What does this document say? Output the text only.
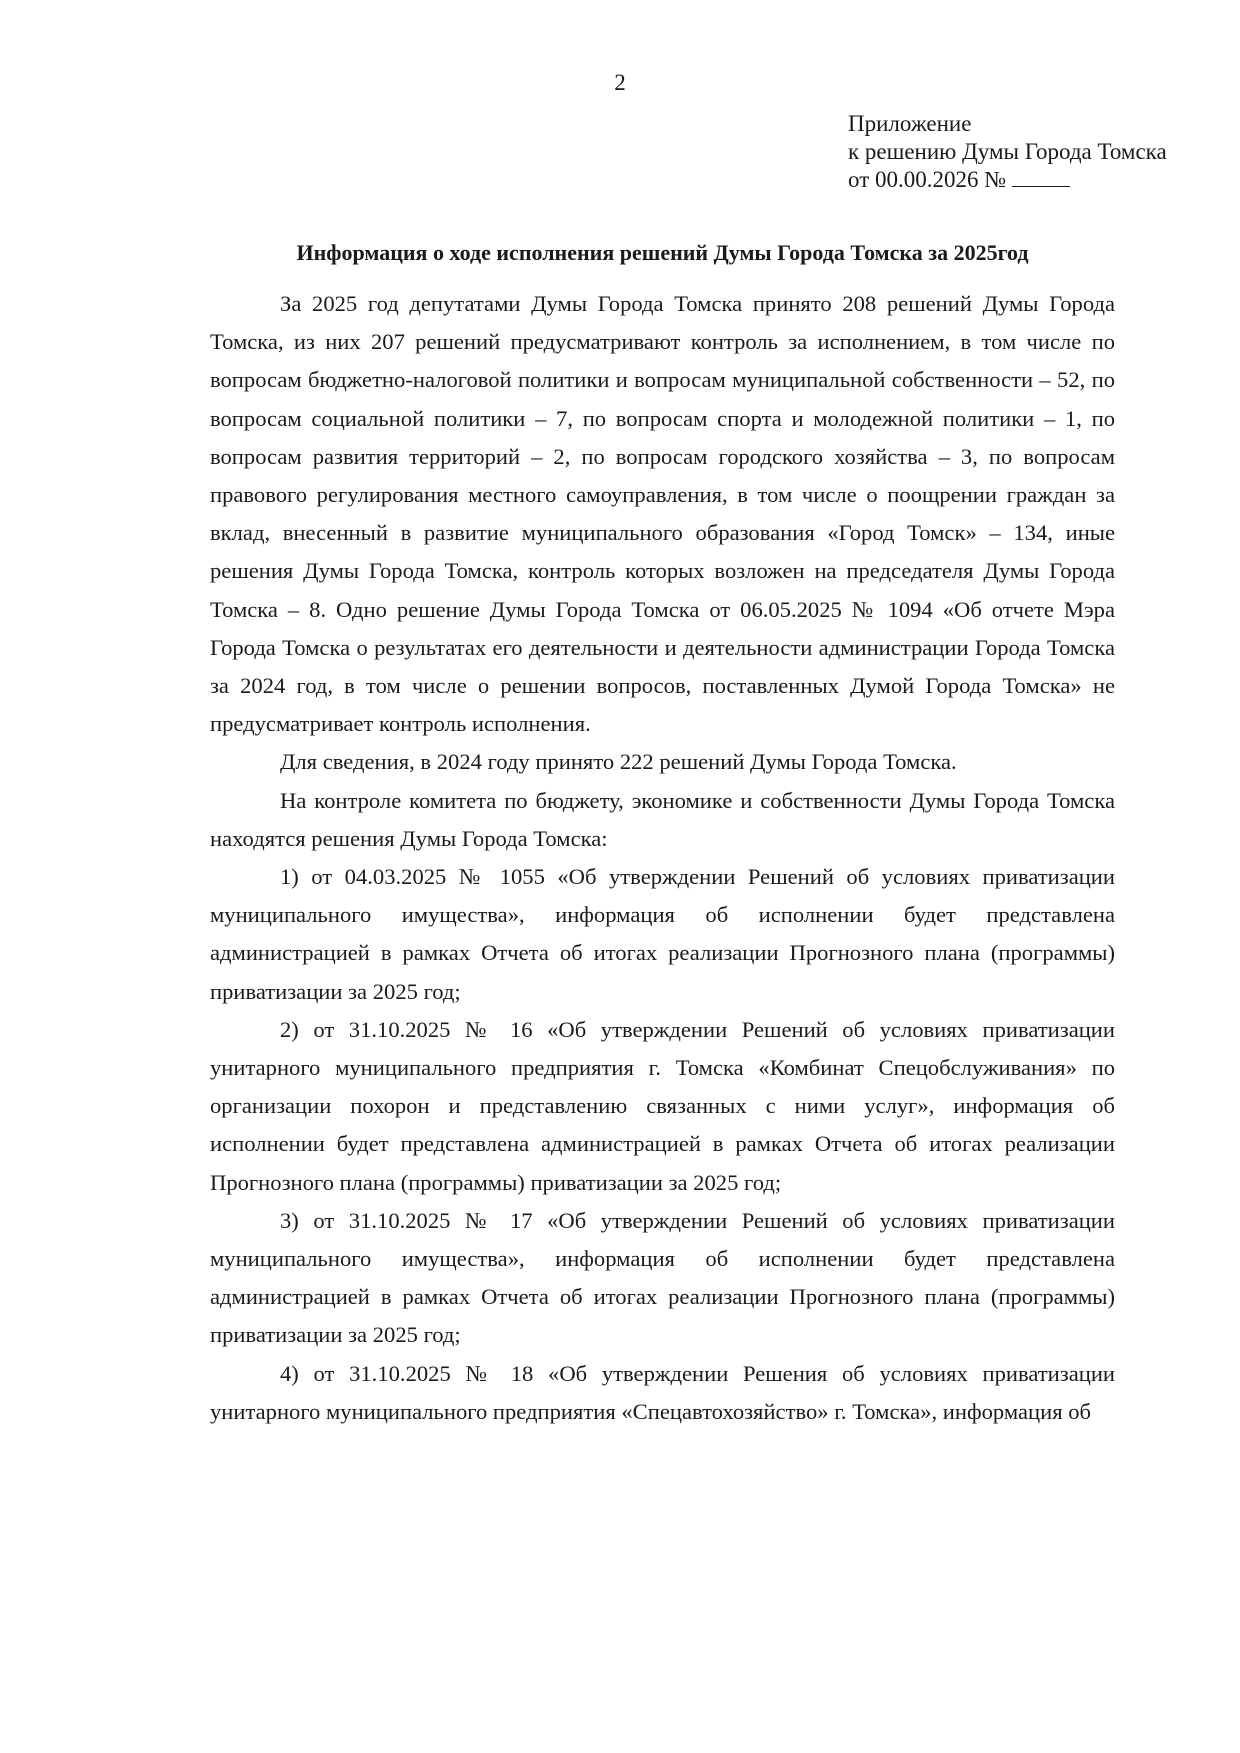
2
Приложение
к решению Думы Города Томска
от 00.00.2026 №
Информация о ходе исполнения решений Думы Города Томска за 2025год

За 2025 год депутатами Думы Города Томска принято 208 решений Думы Города Томска, из них 207 решений предусматривают контроль за исполнением, в том числе по вопросам бюджетно-налоговой политики и вопросам муниципальной собственности – 52, по вопросам социальной политики – 7, по вопросам спорта и молодежной политики – 1, по вопросам развития территорий – 2, по вопросам городского хозяйства – 3, по вопросам правового регулирования местного самоуправления, в том числе о поощрении граждан за вклад, внесенный в развитие муниципального образования «Город Томск» – 134, иные решения Думы Города Томска, контроль которых возложен на председателя Думы Города Томска – 8. Одно решение Думы Города Томска от 06.05.2025 № 1094 «Об отчете Мэра Города Томска о результатах его деятельности и деятельности администрации Города Томска за 2024 год, в том числе о решении вопросов, поставленных Думой Города Томска» не предусматривает контроль исполнения.

Для сведения, в 2024 году принято 222 решений Думы Города Томска.

На контроле комитета по бюджету, экономике и собственности Думы Города Томска находятся решения Думы Города Томска:

1) от 04.03.2025 № 1055 «Об утверждении Решений об условиях приватизации муниципального имущества», информация об исполнении будет представлена администрацией в рамках Отчета об итогах реализации Прогнозного плана (программы) приватизации за 2025 год;

2) от 31.10.2025 № 16 «Об утверждении Решений об условиях приватизации унитарного муниципального предприятия г. Томска «Комбинат Спецобслуживания» по организации похорон и представлению связанных с ними услуг», информация об исполнении будет представлена администрацией в рамках Отчета об итогах реализации Прогнозного плана (программы) приватизации за 2025 год;

3) от 31.10.2025 № 17 «Об утверждении Решений об условиях приватизации муниципального имущества», информация об исполнении будет представлена администрацией в рамках Отчета об итогах реализации Прогнозного плана (программы) приватизации за 2025 год;

4) от 31.10.2025 № 18 «Об утверждении Решения об условиях приватизации унитарного муниципального предприятия «Спецавтохозяйство» г. Томска», информация об
